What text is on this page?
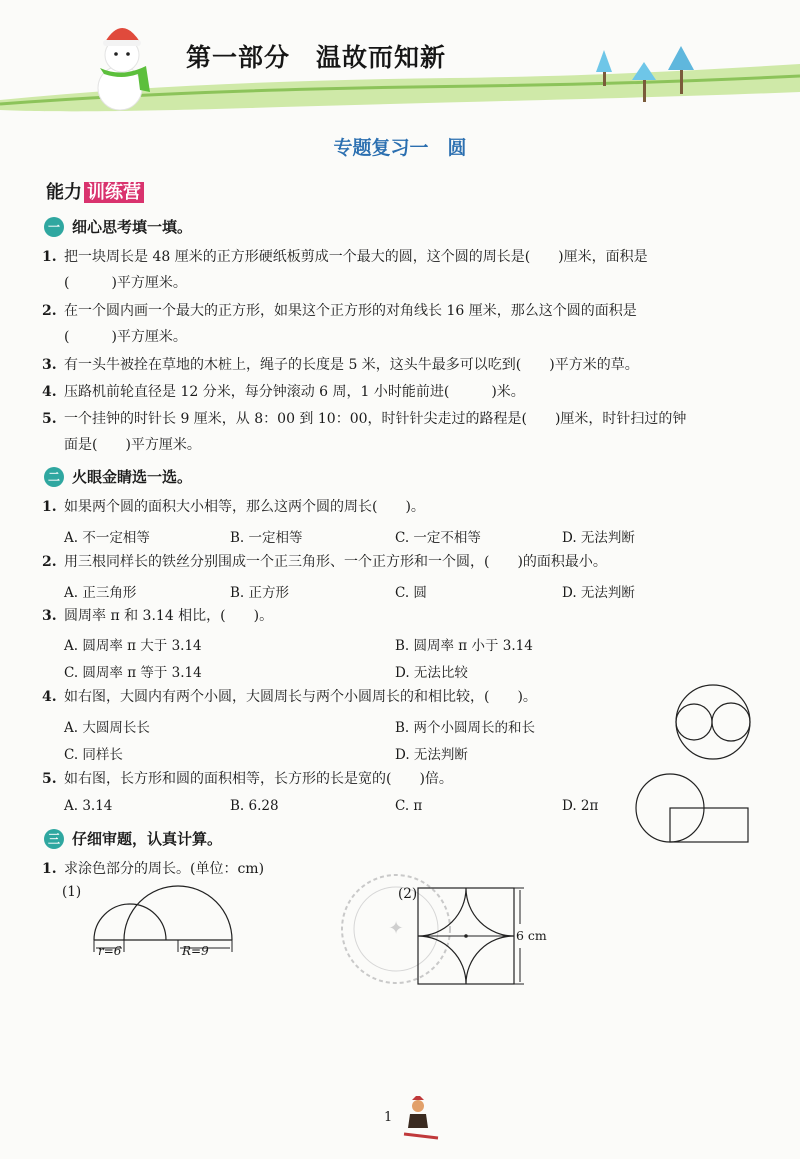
第一部分　温故而知新
专题复习一　圆
能力 训练营
一 细心思考填一填。
1. 把一块周长是 48 厘米的正方形硬纸板剪成一个最大的圆，这个圆的周长是(　　)厘米，面积是
(　　　)平方厘米。
2. 在一个圆内画一个最大的正方形，如果这个正方形的对角线长 16 厘米，那么这个圆的面积是
(　　　)平方厘米。
3. 有一头牛被拴在草地的木桩上，绳子的长度是 5 米，这头牛最多可以吃到(　　)平方米的草。
4. 压路机前轮直径是 12 分米，每分钟滚动 6 周，1 小时能前进(　　　)米。
5. 一个挂钟的时针长 9 厘米，从 8：00 到 10：00，时针针尖走过的路程是(　　)厘米，时针扫过的钟
面是(　　)平方厘米。
二 火眼金睛选一选。
1. 如果两个圆的面积大小相等，那么这两个圆的周长(　　)。
A. 不一定相等	B. 一定相等	C. 一定不相等	D. 无法判断
2. 用三根同样长的铁丝分别围成一个正三角形、一个正方形和一个圆，(　　)的面积最小。
A. 正三角形	B. 正方形	C. 圆	D. 无法判断
3. 圆周率 π 和 3.14 相比，(　　)。
A. 圆周率 π 大于 3.14	B. 圆周率 π 小于 3.14
C. 圆周率 π 等于 3.14	D. 无法比较
4. 如右图，大圆内有两个小圆，大圆周长与两个小圆周长的和相比较，(　　)。
A. 大圆周长长	B. 两个小圆周长的和长
C. 同样长	D. 无法判断
5. 如右图，长方形和圆的面积相等，长方形的长是宽的(　　)倍。
A. 3.14	B. 6.28	C. π	D. 2π
三 仔细审题，认真计算。
1. 求涂色部分的周长。(单位：cm)
(1)
r=6	R=9
✦
(2)
6 cm
1
